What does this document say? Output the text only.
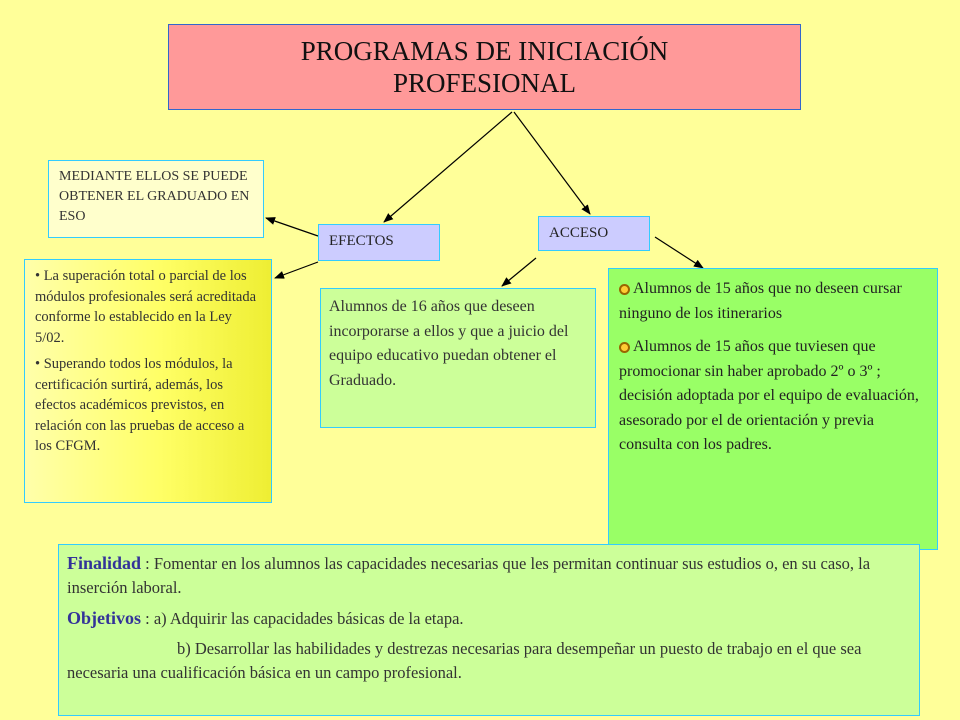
PROGRAMAS DE INICIACIÓN
PROFESIONAL
MEDIANTE ELLOS SE PUEDE OBTENER EL GRADUADO EN ESO
EFECTOS	ACCESO

• La superación total o parcial de los módulos profesionales será acreditada conforme lo establecido en la Ley 5/02.

• Superando todos los módulos, la certificación surtirá, además, los efectos académicos previstos, en relación con las pruebas de acceso a los CFGM.

Alumnos de 16 años que deseen incorporarse a ellos y que a juicio del equipo educativo puedan obtener el Graduado.

Alumnos de 15 años que no deseen cursar ninguno de los itinerarios

Alumnos de 15 años que tuviesen que promocionar sin haber aprobado 2º o 3º ; decisión adoptada por el equipo de evaluación, asesorado por el de orientación y previa consulta con los padres.

Finalidad : Fomentar en los alumnos las capacidades necesarias que les permitan continuar sus estudios o, en su caso, la inserción laboral.

Objetivos : a) Adquirir las capacidades básicas de la etapa.

b) Desarrollar las habilidades y destrezas necesarias para desempeñar un puesto de trabajo en el que sea necesaria una cualificación básica en un campo profesional.
